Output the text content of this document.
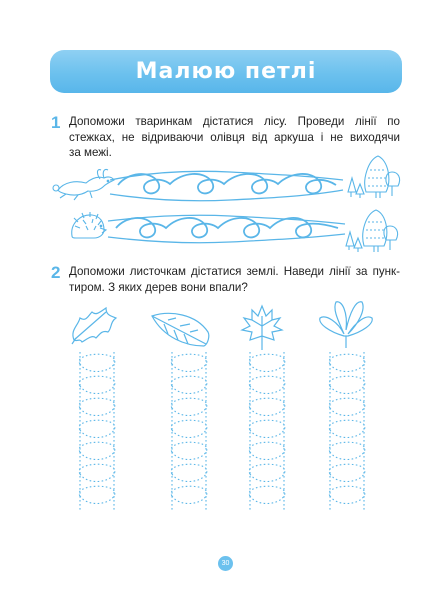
Малюю петлі
1 Допоможи тваринкам дістатися лісу. Проведи лінії по
стежках, не відриваючи олівця від аркуша і не виходячи
за межі.
2 Допоможи листочкам дістатися землі. Наведи лінії за пунк-
тиром. З яких дерев вони впали?
30
